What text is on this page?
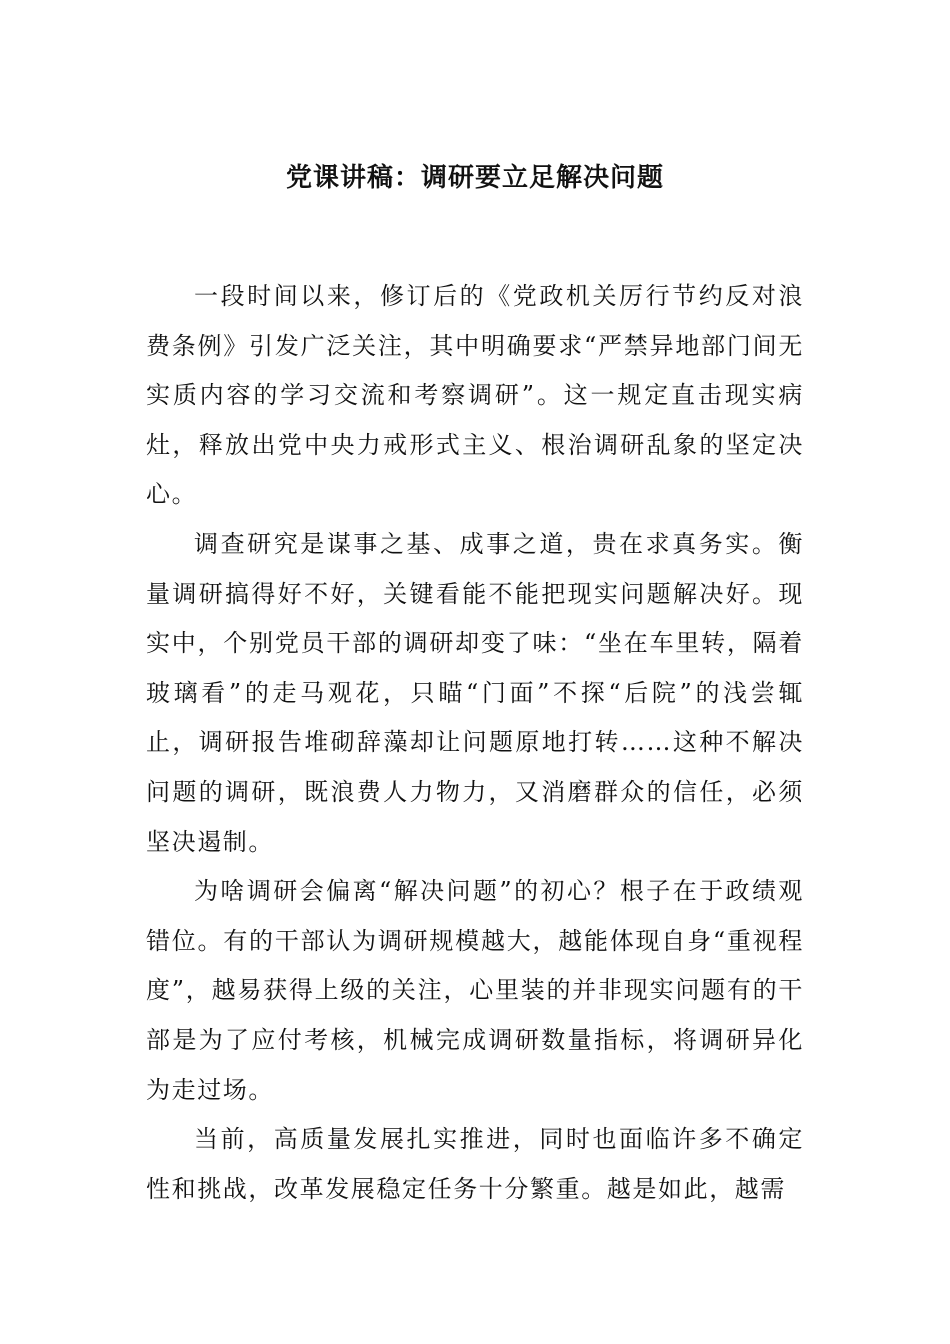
党课讲稿：调研要立足解决问题

一段时间以来，修订后的《党政机关厉行节约反对浪费条例》引发广泛关注，其中明确要求“严禁异地部门间无实质内容的学习交流和考察调研”。这一规定直击现实病灶，释放出党中央力戒形式主义、根治调研乱象的坚定决心。

调查研究是谋事之基、成事之道，贵在求真务实。衡量调研搞得好不好，关键看能不能把现实问题解决好。现实中，个别党员干部的调研却变了味：“坐在车里转，隔着玻璃看”的走马观花，只瞄“门面”不探“后院”的浅尝辄止，调研报告堆砌辞藻却让问题原地打转……这种不解决问题的调研，既浪费人力物力，又消磨群众的信任，必须坚决遏制。

为啥调研会偏离“解决问题”的初心？根子在于政绩观错位。有的干部认为调研规模越大，越能体现自身“重视程度”，越易获得上级的关注，心里装的并非现实问题有的干部是为了应付考核，机械完成调研数量指标，将调研异化为走过场。

当前，高质量发展扎实推进，同时也面临许多不确定性和挑战，改革发展稳定任务十分繁重。越是如此，越需
